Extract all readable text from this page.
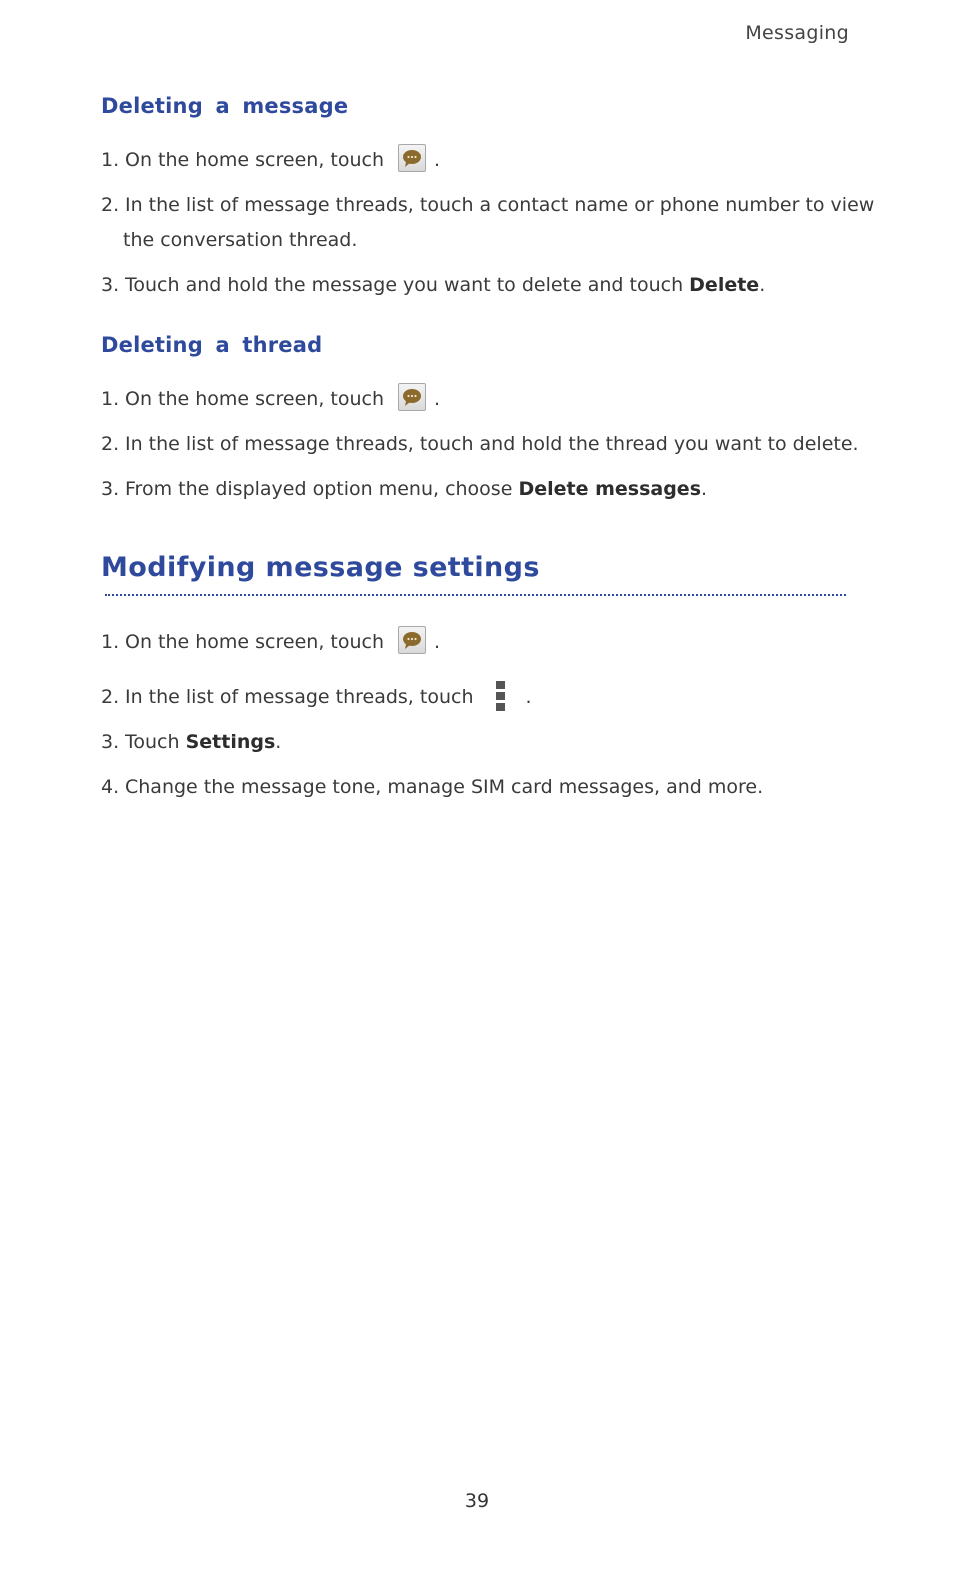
Messaging
Deleting a message
1. On the home screen, touch	.
2. In the list of message threads, touch a contact name or phone number to view
the conversation thread.
3. Touch and hold the message you want to delete and touch Delete.
Deleting a thread
1. On the home screen, touch	.
2. In the list of message threads, touch and hold the thread you want to delete.
3. From the displayed option menu, choose Delete messages.
Modifying message settings
1. On the home screen, touch	.
2. In the list of message threads, touch	.
3. Touch Settings.
4. Change the message tone, manage SIM card messages, and more.
39
